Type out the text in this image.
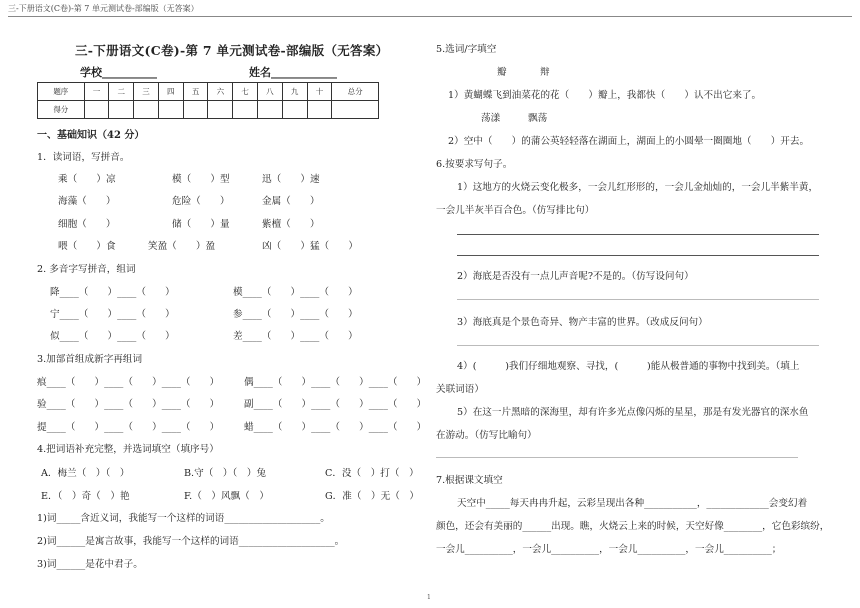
三-下册语文(C卷)-第 7 单元测试卷-部编版（无答案）
三-下册语文(C卷)-第 7 单元测试卷-部编版（无答案）
学校__________	姓名____________
题序	一	二	三	四	五	六	七	八	九	十	总分
得分											
一、基础知识（42 分）
1．读词语，写拼音。
乘（　　）凉	模（　　）型	迅（　　）速
海藻（　　）	危险（　　）	金属（　　）
细胞（　　）	储（　　）量	紫檀（　　）
喂（　　）食	笑盈（　　）盈	凶（　　）猛（　　）
2. 多音字写拼音，组词
降____（　　）____（　　）	模____（　　）____（　　）
宁____（　　）____（　　）	参____（　　）____（　　）
似____（　　）____（　　）	差____（　　）____（　　）
3.加部首组成新字再组词
痕____（　　）____（　　）____（　　）	偶____（　　）____（　　）____（　　）
验____（　　）____（　　）____（　　）	副____（　　）____（　　）____（　　）
提____（　　）____（　　）____（　　）	蜡____（　　）____（　　）____（　　）
4.把词语补充完整，并选词填空（填序号）
A．梅兰（　）（　）	B.守（　）（　）兔	C．没（　）打（　）
E．（　）奇（　）艳	F.（　）风飘（　）	G．准（　）无（　）
1)词_____含近义词，我能写一个这样的词语____________________。
2)词______是寓言故事，我能写一个这样的词语____________________。
3)词______是花中君子。
5.选词/字填空
瓣	辩
1）黄蝴蝶飞到油菜花的花（　　）瓣上，我都快（　　）认不出它来了。
荡漾	飘荡
2）空中（　　）的蒲公英轻轻落在湖面上，湖面上的小圆晕一圈圈地（　　）开去。
6.按要求写句子。
1）这地方的火烧云变化极多，一会儿红形形的，一会儿金灿灿的，一会儿半紫半黄，
一会儿半灰半百合色。（仿写排比句）
2）海底是否没有一点儿声音呢?不是的。（仿写设问句）
3）海底真是个景色奇异、物产丰富的世界。（改成反问句）
4）(　　　)我们仔细地观察、寻找，(　　　)能从极普通的事物中找到美。（填上
关联词语）
5）在这一片黑暗的深海里，却有许多光点像闪烁的星星，那是有发光器官的深水鱼
在游动。（仿写比喻句）
7.根据课文填空
天空中_____每天冉冉升起，云彩呈现出各种___________，_____________会变幻着
颜色，还会有美丽的______出现。瞧，火烧云上来的时候，天空好像________，它色彩缤纷，
一会儿__________，一会儿__________，一会儿__________，一会儿__________；
1
